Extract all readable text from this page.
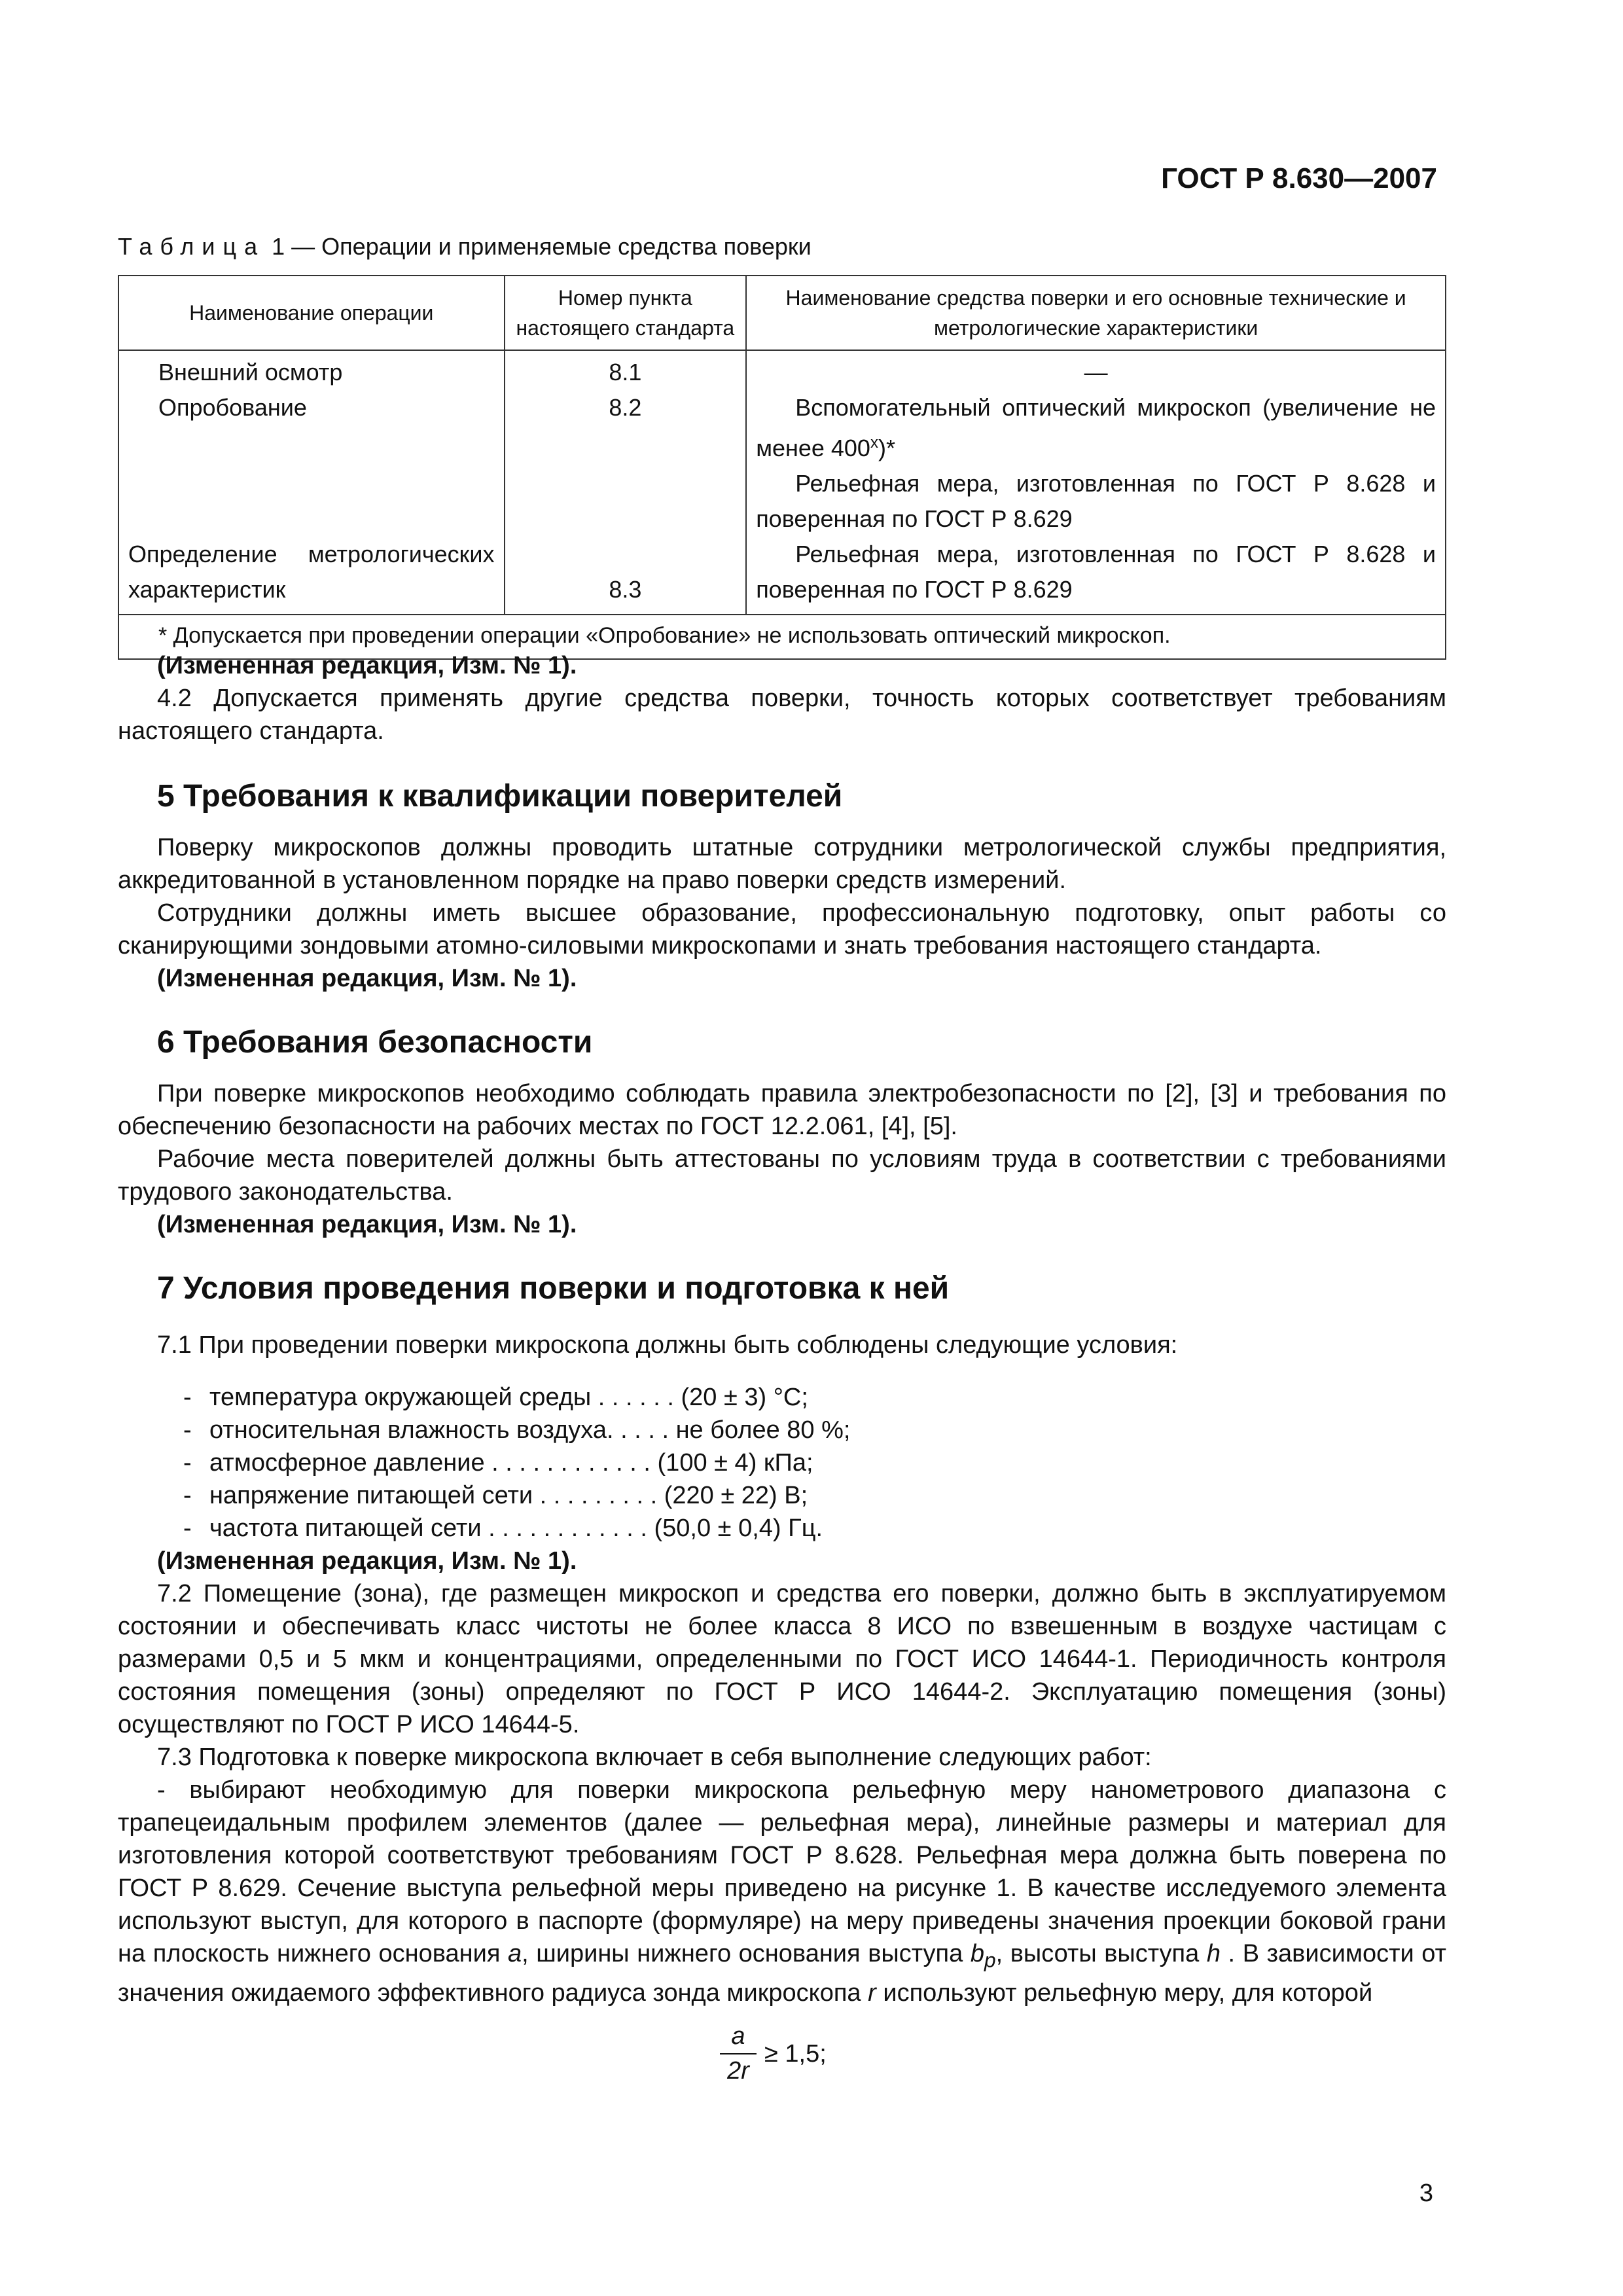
ГОСТ Р 8.630—2007
Таблица 1 — Операции и применяемые средства поверки
Наименование операции	Номер пункта настоящего стандарта	Наименование средства поверки и его основные технические и метрологические характеристики
Внешний осмотр	8.1	—
Опробование	8.2	Вспомогательный оптический микроскоп (увеличение не менее $400^х)*$
Рельефная мера, изготовленная по ГОСТ Р 8.628 и поверенная по ГОСТ Р 8.629

Определение метрологических характеристик	8.3	Рельефная мера, изготовленная по ГОСТ Р 8.628 и поверенная по ГОСТ Р 8.629
* Допускается при проведении операции «Опробование» не использовать оптический микроскоп.		

(Измененная редакция, Изм. № 1).

4.2 Допускается применять другие средства поверки, точность которых соответствует требованиям настоящего стандарта.

5 Требования к квалификации поверителей

Поверку микроскопов должны проводить штатные сотрудники метрологической службы предприятия, аккредитованной в установленном порядке на право поверки средств измерений.

Сотрудники должны иметь высшее образование, профессиональную подготовку, опыт работы со сканирующими зондовыми атомно-силовыми микроскопами и знать требования настоящего стандарта.

(Измененная редакция, Изм. № 1).

6 Требования безопасности

При поверке микроскопов необходимо соблюдать правила электробезопасности по [2], [3] и требования по обеспечению безопасности на рабочих местах по ГОСТ 12.2.061, [4], [5].

Рабочие места поверителей должны быть аттестованы по условиям труда в соответствии с требованиями трудового законодательства.

(Измененная редакция, Изм. № 1).

7 Условия проведения поверки и подготовка к ней

7.1 При проведении поверки микроскопа должны быть соблюдены следующие условия:

- температура окружающей среды . . . . . .
(20 ± 3) °С;
- относительная влажность воздуха. . . . .
не более 80 %;
- атмосферное давление . . . . . . . . . . . .
(100 ± 4) кПа;
- напряжение питающей сети . . . . . . . . .
(220 ± 22) В;
- частота питающей сети . . . . . . . . . . . .
(50,0 ± 0,4) Гц.

(Измененная редакция, Изм. № 1).

7.2 Помещение (зона), где размещен микроскоп и средства его поверки, должно быть в эксплуатируемом состоянии и обеспечивать класс чистоты не более класса 8 ИСО по взвешенным в воздухе частицам с размерами 0,5 и 5 мкм и концентрациями, определенными по ГОСТ ИСО 14644-1. Периодичность контроля состояния помещения (зоны) определяют по ГОСТ Р ИСО 14644-2. Эксплуатацию помещения (зоны) осуществляют по ГОСТ Р ИСО 14644-5.

7.3 Подготовка к поверке микроскопа включает в себя выполнение следующих работ:

- выбирают необходимую для поверки микроскопа рельефную меру нанометрового диапазона с трапецеидальным профилем элементов (далее — рельефная мера), линейные размеры и материал для изготовления которой соответствуют требованиям ГОСТ Р 8.628. Рельефная мера должна быть поверена по ГОСТ Р 8.629. Сечение выступа рельефной меры приведено на рисунке 1. В качестве исследуемого элемента используют выступ, для которого в паспорте (формуляре) на меру приведены значения проекции боковой грани на плоскость нижнего основания a, ширины нижнего основания выступа $b_p$, высоты выступа h . В зависимости от значения ожидаемого эффективного радиуса зонда микроскопа r используют рельефную меру, для которой

$\frac{a}{2r} \ge 1,5$;
3
